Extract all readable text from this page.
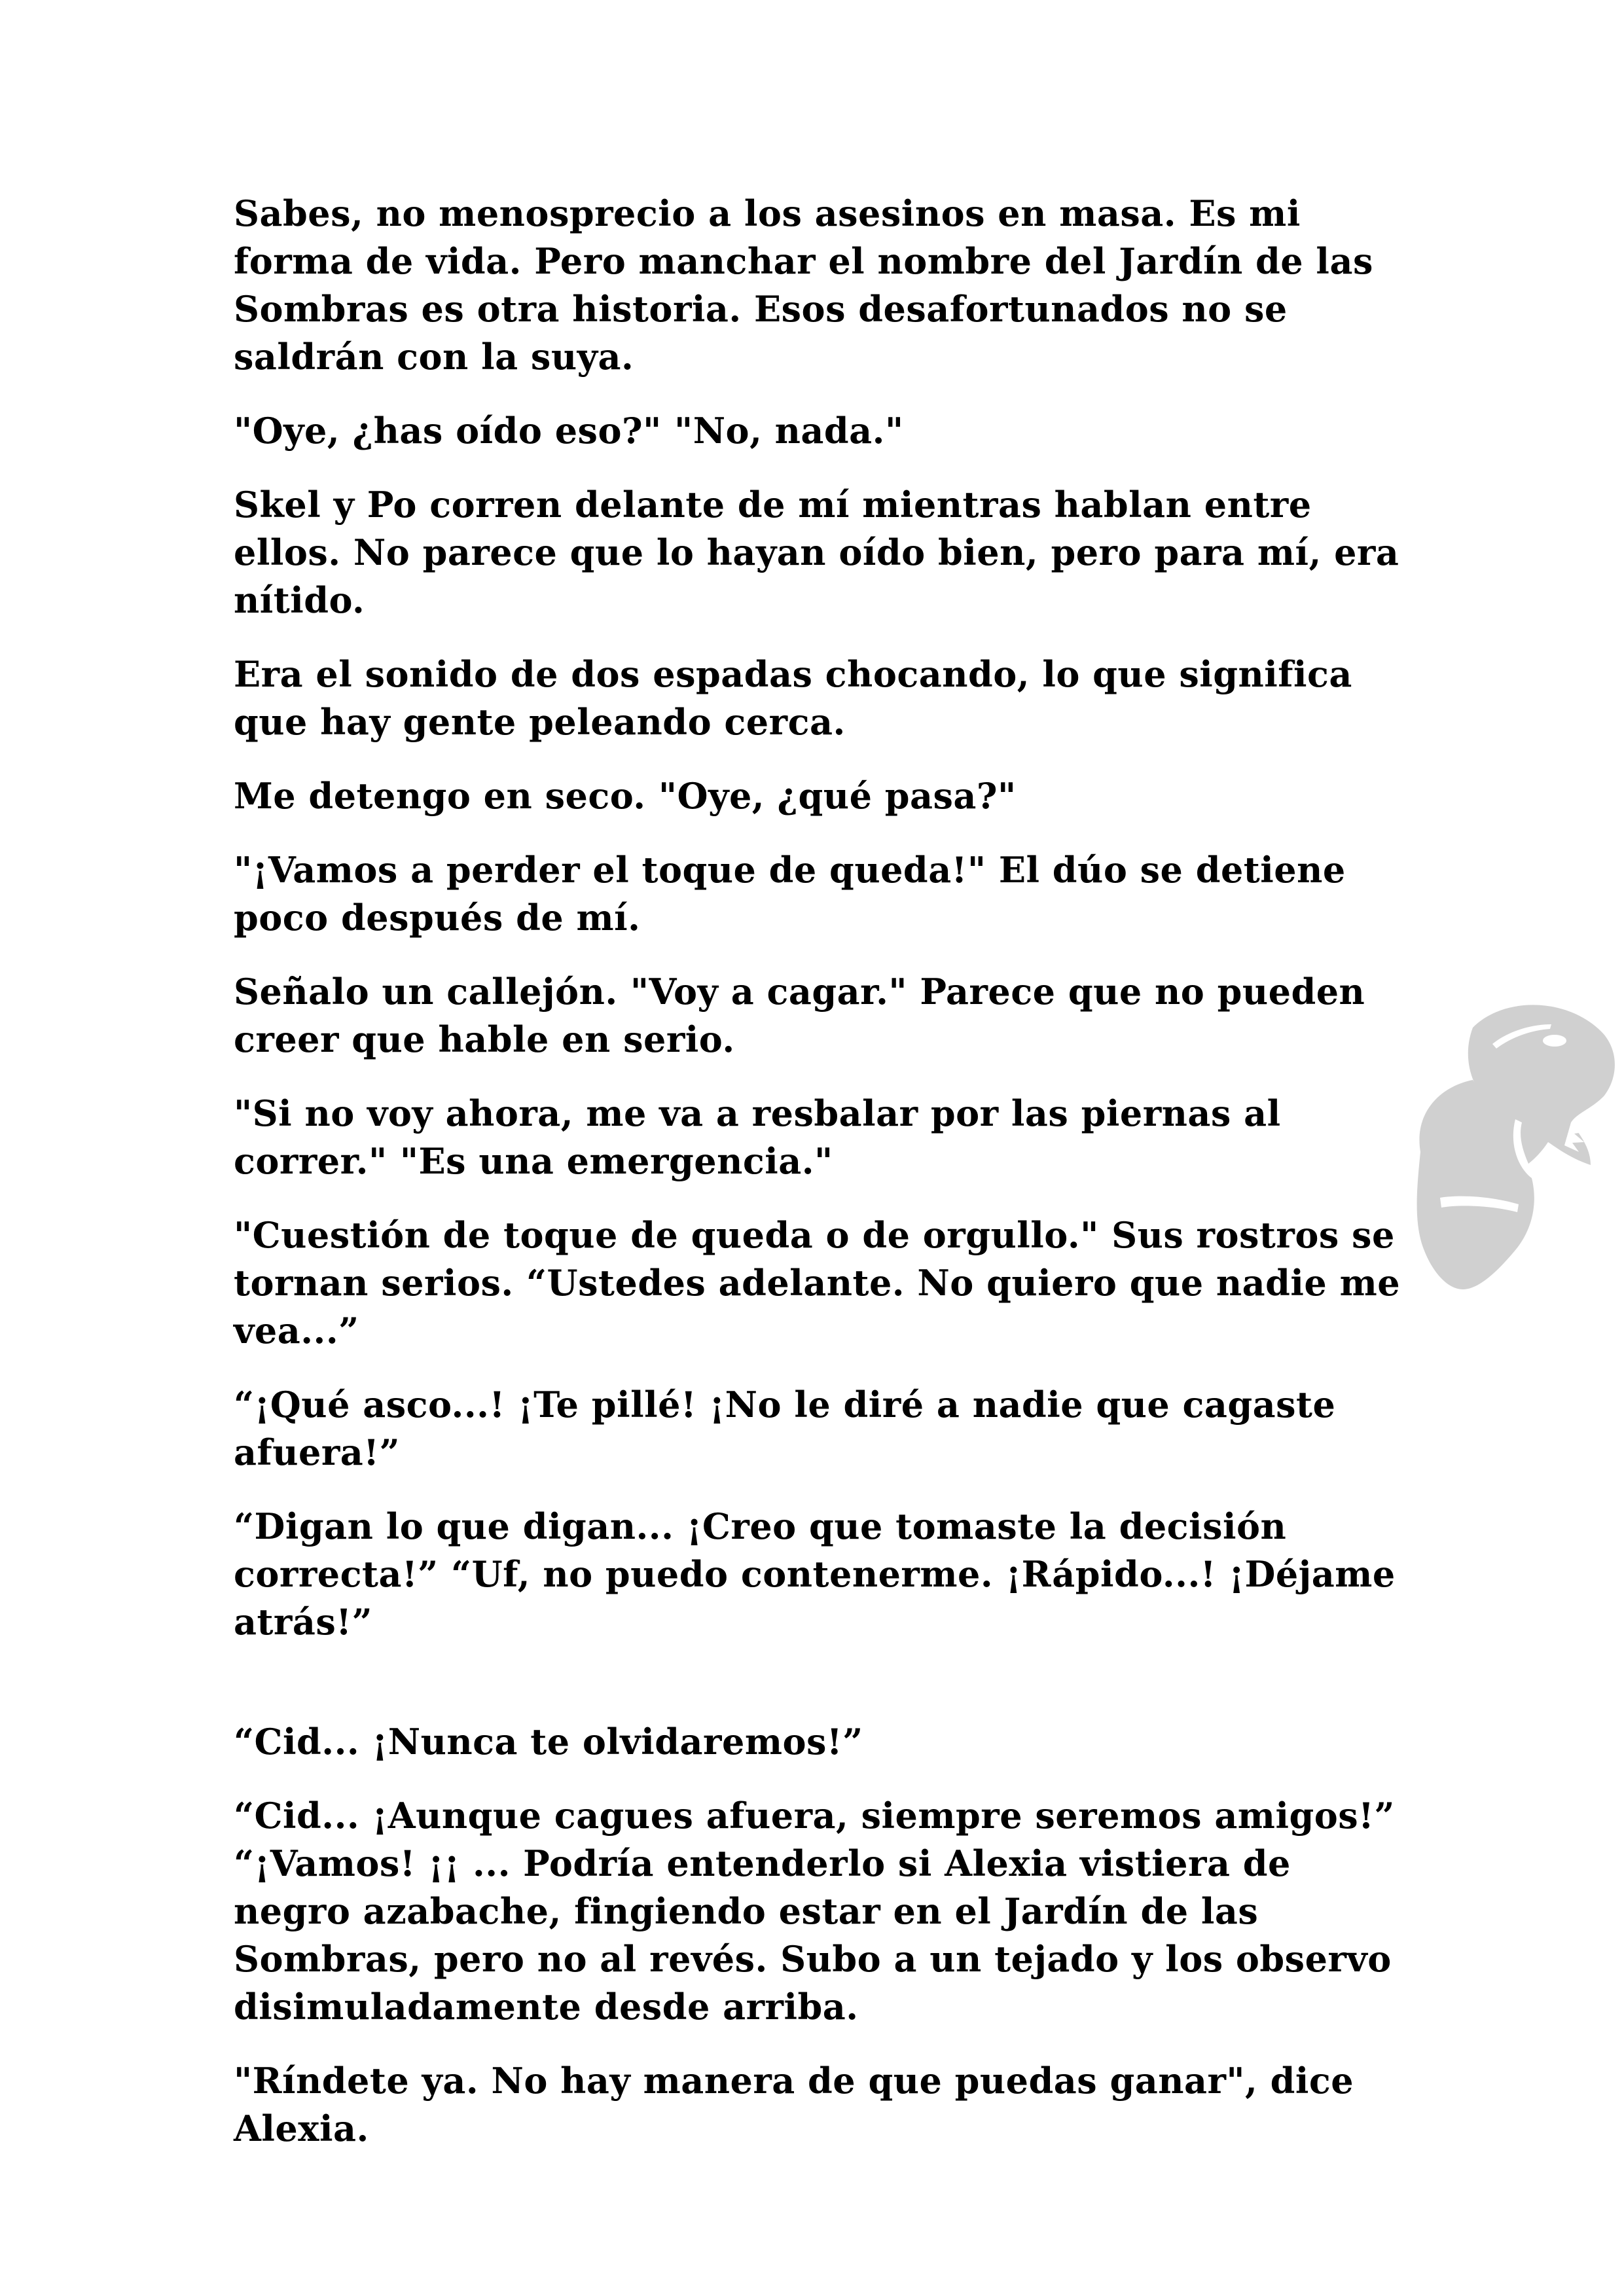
Sabes, no menosprecio a los asesinos en masa. Es mi forma de vida. Pero manchar el nombre del Jardín de las Sombras es otra historia. Esos desafortunados no se saldrán con la suya.

"Oye, ¿has oído eso?" "No, nada."

Skel y Po corren delante de mí mientras hablan entre ellos. No parece que lo hayan oído bien, pero para mí, era nítido.

Era el sonido de dos espadas chocando, lo que significa que hay gente peleando cerca.

Me detengo en seco. "Oye, ¿qué pasa?"

"¡Vamos a perder el toque de queda!" El dúo se detiene poco después de mí.

Señalo un callejón. "Voy a cagar." Parece que no pueden creer que hable en serio.

"Si no voy ahora, me va a resbalar por las piernas al correr." "Es una emergencia."

"Cuestión de toque de queda o de orgullo." Sus rostros se tornan serios. “Ustedes adelante. No quiero que nadie me vea...”

“¡Qué asco...! ¡Te pillé! ¡No le diré a nadie que cagaste afuera!”

“Digan lo que digan... ¡Creo que tomaste la decisión correcta!” “Uf, no puedo contenerme. ¡Rápido...! ¡Déjame atrás!”

“Cid... ¡Nunca te olvidaremos!”

“Cid... ¡Aunque cagues afuera, siempre seremos amigos!” “¡Vamos! ¡¡ ... Podría entenderlo si Alexia vistiera de negro azabache, fingiendo estar en el Jardín de las Sombras, pero no al revés. Subo a un tejado y los observo disimuladamente desde arriba.

"Ríndete ya. No hay manera de que puedas ganar", dice Alexia.
